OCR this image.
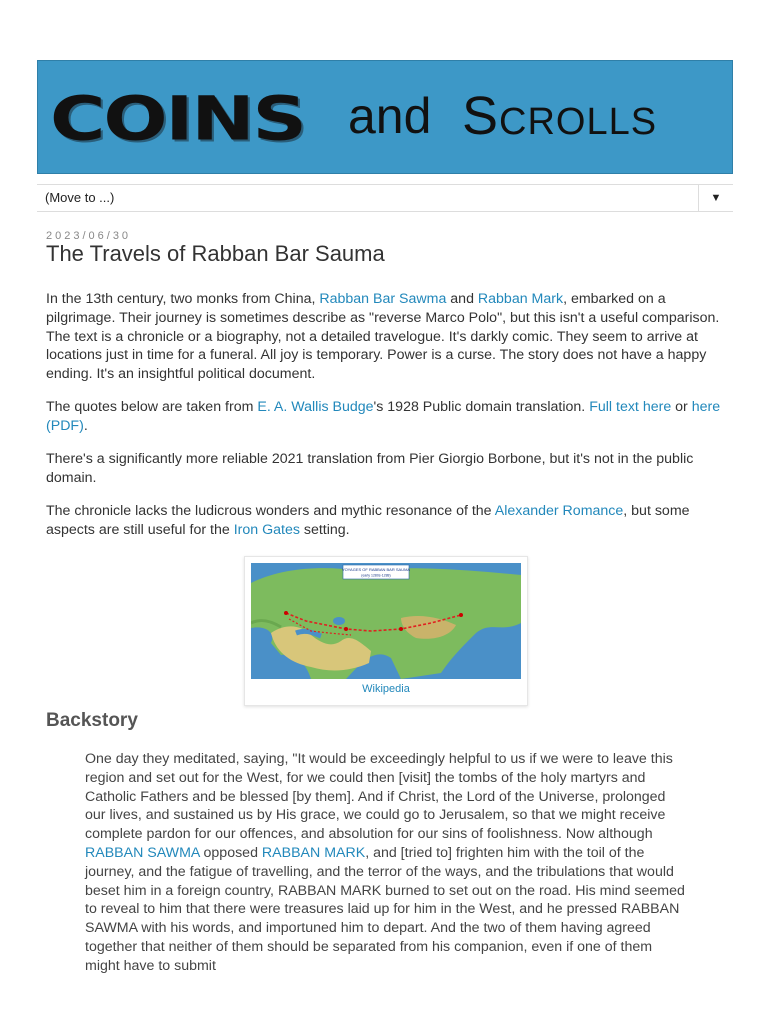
COINS and Scrolls
(Move to ...)	▼
2023/06/30
The Travels of Rabban Bar Sauma

In the 13th century, two monks from China, Rabban Bar Sawma and Rabban Mark, embarked on a pilgrimage. Their journey is sometimes describe as "reverse Marco Polo", but this isn't a useful comparison. The text is a chronicle or a biography, not a detailed travelogue. It's darkly comic. They seem to arrive at locations just in time for a funeral. All joy is temporary. Power is a curse. The story does not have a happy ending. It's an insightful political document.

The quotes below are taken from E. A. Wallis Budge's 1928 Public domain translation. Full text here or here (PDF).

There's a significantly more reliable 2021 translation from Pier Giorgio Borbone, but it's not in the public domain.

The chronicle lacks the ludicrous wonders and mythic resonance of the Alexander Romance, but some aspects are still useful for the Iron Gates setting.

VOYAGES OF RABBAN BAR SAUMA
(early 1280s-1288)
Wikipedia
Backstory
One day they meditated, saying, "It would be exceedingly helpful to us if we were to leave this region and set out for the West, for we could then [visit] the tombs of the holy martyrs and Catholic Fathers and be blessed [by them]. And if Christ, the Lord of the Universe, prolonged our lives, and sustained us by His grace, we could go to Jerusalem, so that we might receive complete pardon for our offences, and absolution for our sins of foolishness. Now although RABBAN SAWMA opposed RABBAN MARK, and [tried to] frighten him with the toil of the journey, and the fatigue of travelling, and the terror of the ways, and the tribulations that would beset him in a foreign country, RABBAN MARK burned to set out on the road. His mind seemed to reveal to him that there were treasures laid up for him in the West, and he pressed RABBAN SAWMA with his words, and importuned him to depart. And the two of them having agreed together that neither of them should be separated from his companion, even if one of them might have to submit
